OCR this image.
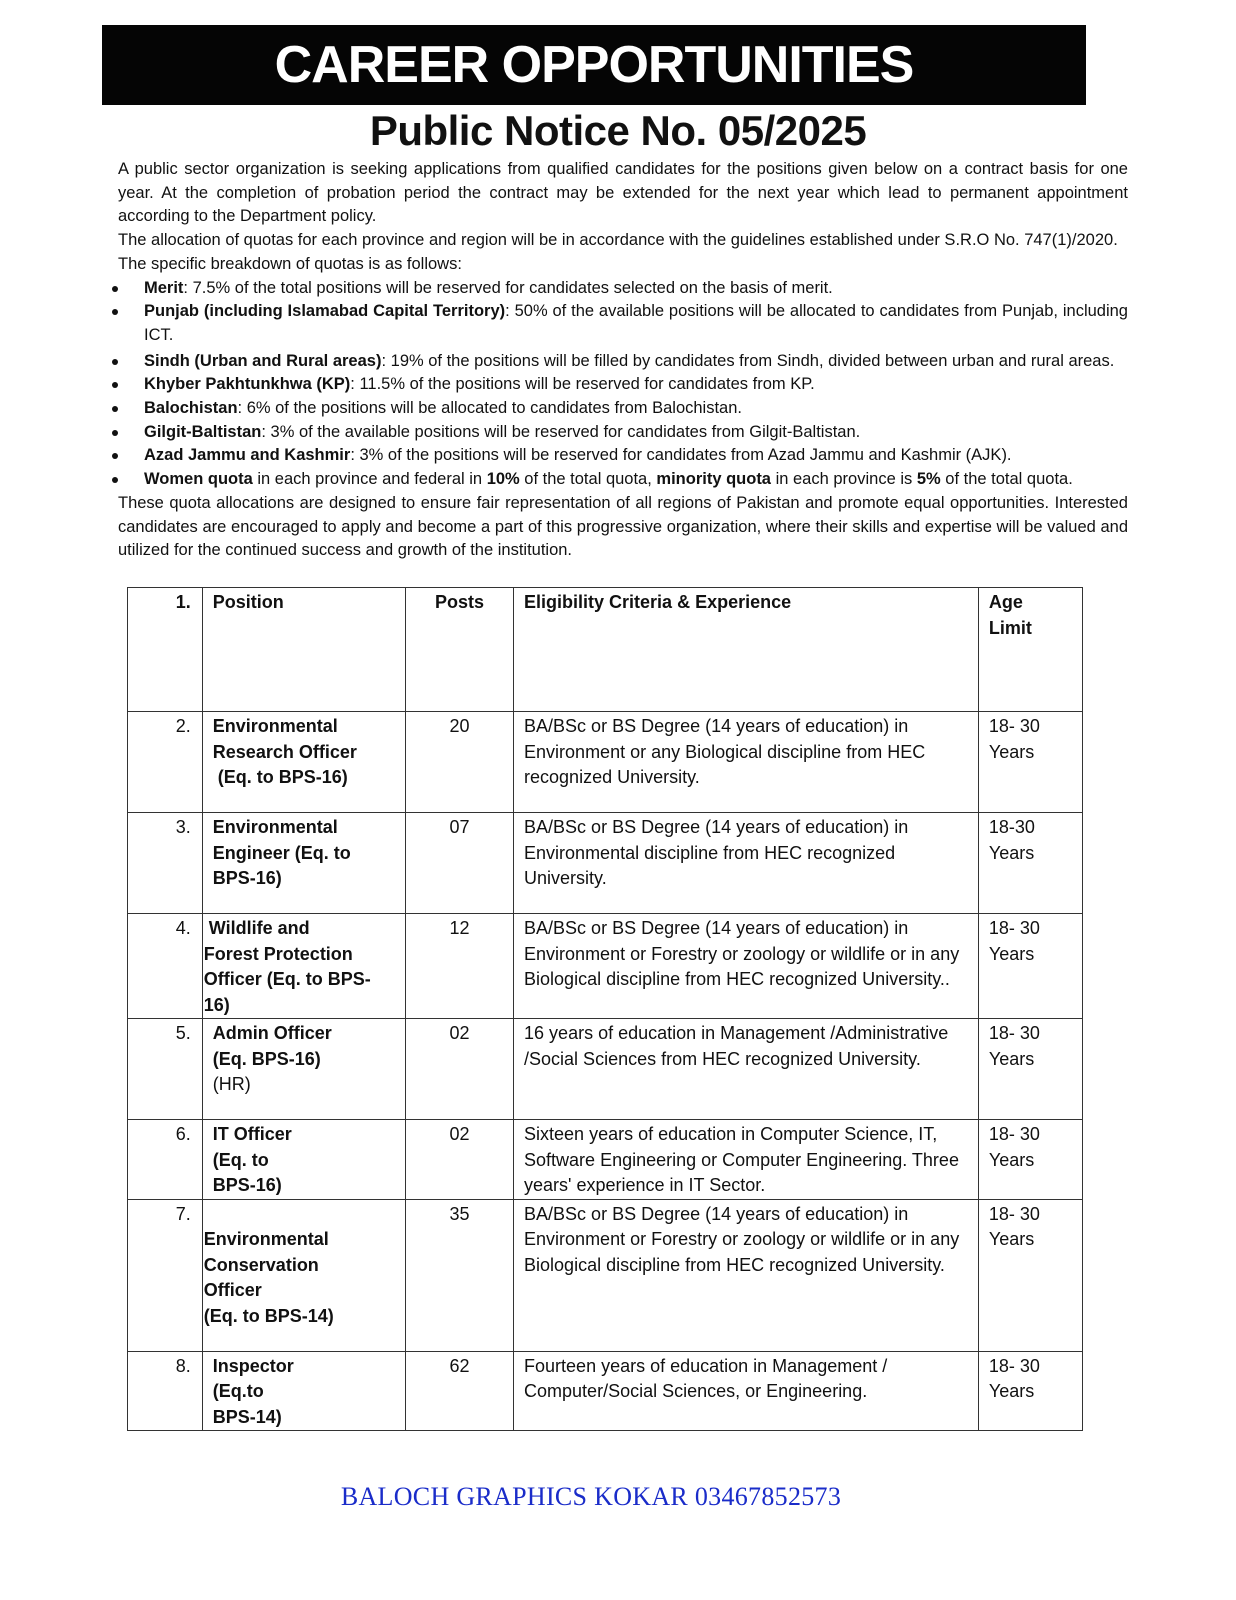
CAREER OPPORTUNITIES
Public Notice No. 05/2025

A public sector organization is seeking applications from qualified candidates for the positions given below on a contract basis for one year. At the completion of probation period the contract may be extended for the next year which lead to permanent appointment according to the Department policy.

The allocation of quotas for each province and region will be in accordance with the guidelines established under S.R.O No. 747(1)/2020. The specific breakdown of quotas is as follows:

Merit: 7.5% of the total positions will be reserved for candidates selected on the basis of merit.
Punjab (including Islamabad Capital Territory): 50% of the available positions will be allocated to candidates from Punjab, including ICT.
Sindh (Urban and Rural areas): 19% of the positions will be filled by candidates from Sindh, divided between urban and rural areas.
Khyber Pakhtunkhwa (KP): 11.5% of the positions will be reserved for candidates from KP.
Balochistan: 6% of the positions will be allocated to candidates from Balochistan.
Gilgit-Baltistan: 3% of the available positions will be reserved for candidates from Gilgit-Baltistan.
Azad Jammu and Kashmir: 3% of the positions will be reserved for candidates from Azad Jammu and Kashmir (AJK).
Women quota in each province and federal in 10% of the total quota, minority quota in each province is 5% of the total quota.

These quota allocations are designed to ensure fair representation of all regions of Pakistan and promote equal opportunities. Interested candidates are encouraged to apply and become a part of this progressive organization, where their skills and expertise will be valued and utilized for the continued success and growth of the institution.

1.	Position	Posts	Eligibility Criteria & Experience	Age
Limit
2.	Environmental
Research Officer
(Eq. to BPS-16)	20	BA/BSc or BS Degree (14 years of education) in Environment or any Biological discipline from HEC recognized University.	18- 30
Years
3.	Environmental
Engineer (Eq. to
BPS-16)	07	BA/BSc or BS Degree (14 years of education) in Environmental discipline from HEC recognized University.	18-30
Years
4.	Wildlife and
Forest Protection
Officer (Eq. to BPS-
16)	12	BA/BSc or BS Degree (14 years of education) in Environment or Forestry or zoology or wildlife or in any Biological discipline from HEC recognized University..	18- 30
Years
5.	Admin Officer
(Eq. BPS-16)
(HR)	02	16 years of education in Management /Administrative /Social Sciences from HEC recognized University.	18- 30
Years
6.	IT Officer
(Eq. to
BPS-16)	02	Sixteen years of education in Computer Science, IT, Software Engineering or Computer Engineering. Three years' experience in IT Sector.	18- 30
Years
7.	Environmental
Conservation
Officer
(Eq. to BPS-14)	35	BA/BSc or BS Degree (14 years of education) in Environment or Forestry or zoology or wildlife or in any Biological discipline from HEC recognized University.	18- 30
Years
8.	Inspector
(Eq.to
BPS-14)	62	Fourteen years of education in Management / Computer/Social Sciences, or Engineering.	18- 30
Years
BALOCH GRAPHICS KOKAR 03467852573
